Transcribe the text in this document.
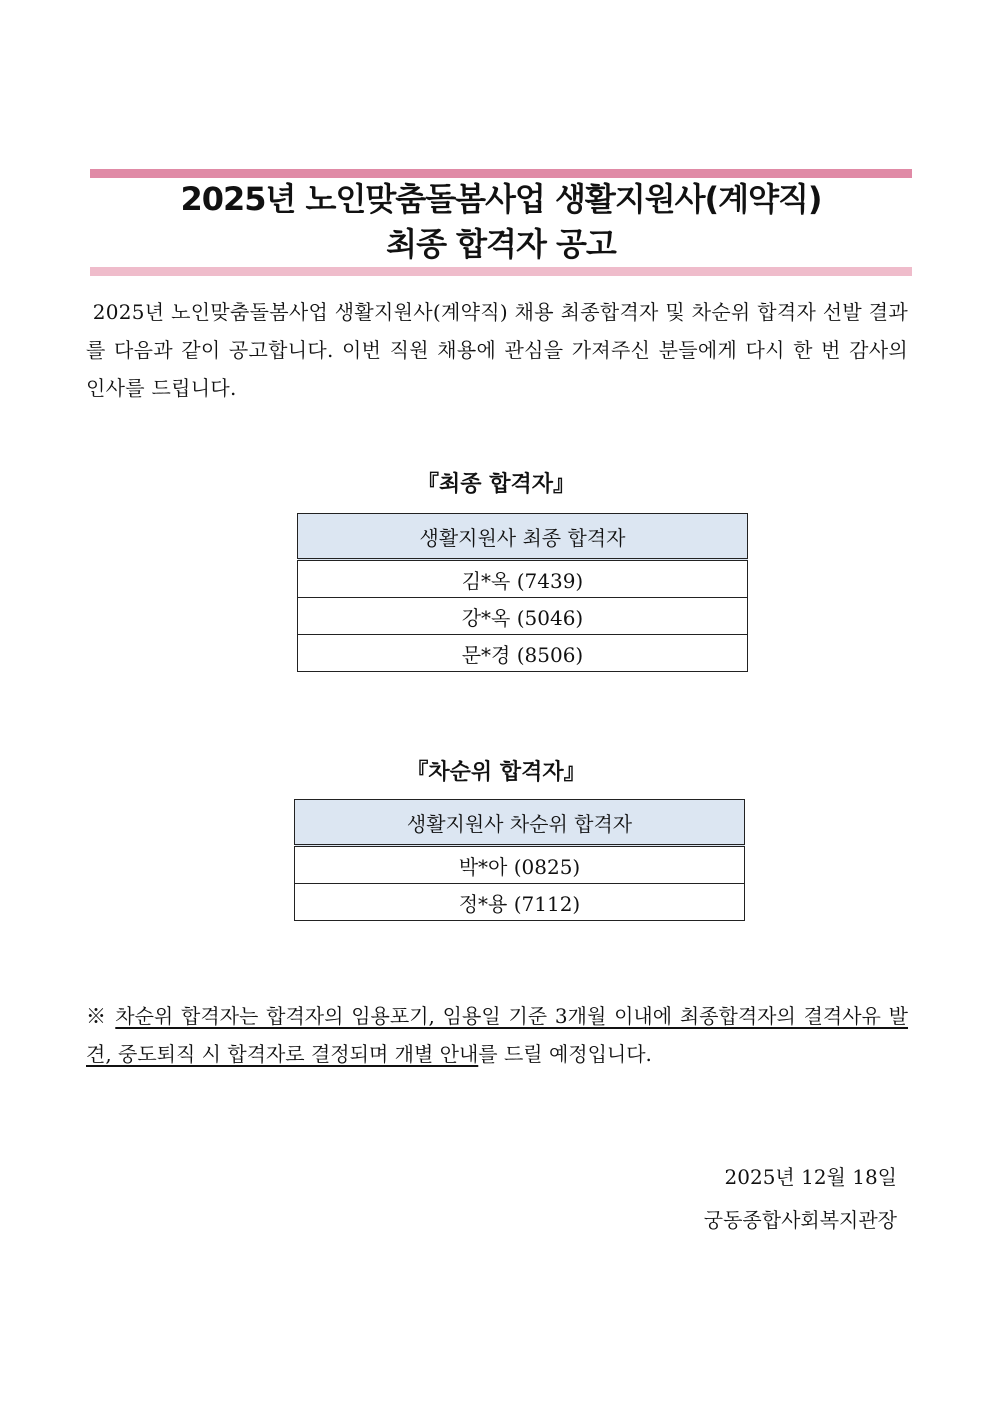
2025년 노인맞춤돌봄사업 생활지원사(계약직)
최종 합격자 공고

2025년 노인맞춤돌봄사업 생활지원사(계약직) 채용 최종합격자 및 차순위 합격자 선발 결과를 다음과 같이 공고합니다. 이번 직원 채용에 관심을 가져주신 분들에게 다시 한 번 감사의 인사를 드립니다.

『최종 합격자』
생활지원사 최종 합격자
김*옥 (7439)
강*옥 (5046)
문*경 (8506)
『차순위 합격자』
생활지원사 차순위 합격자
박*아 (0825)
정*용 (7112)

※ 차순위 합격자는 합격자의 임용포기, 임용일 기준 3개월 이내에 최종합격자의 결격사유 발견, 중도퇴직 시 합격자로 결정되며 개별 안내를 드릴 예정입니다.

2025년 12월 18일

궁동종합사회복지관장
